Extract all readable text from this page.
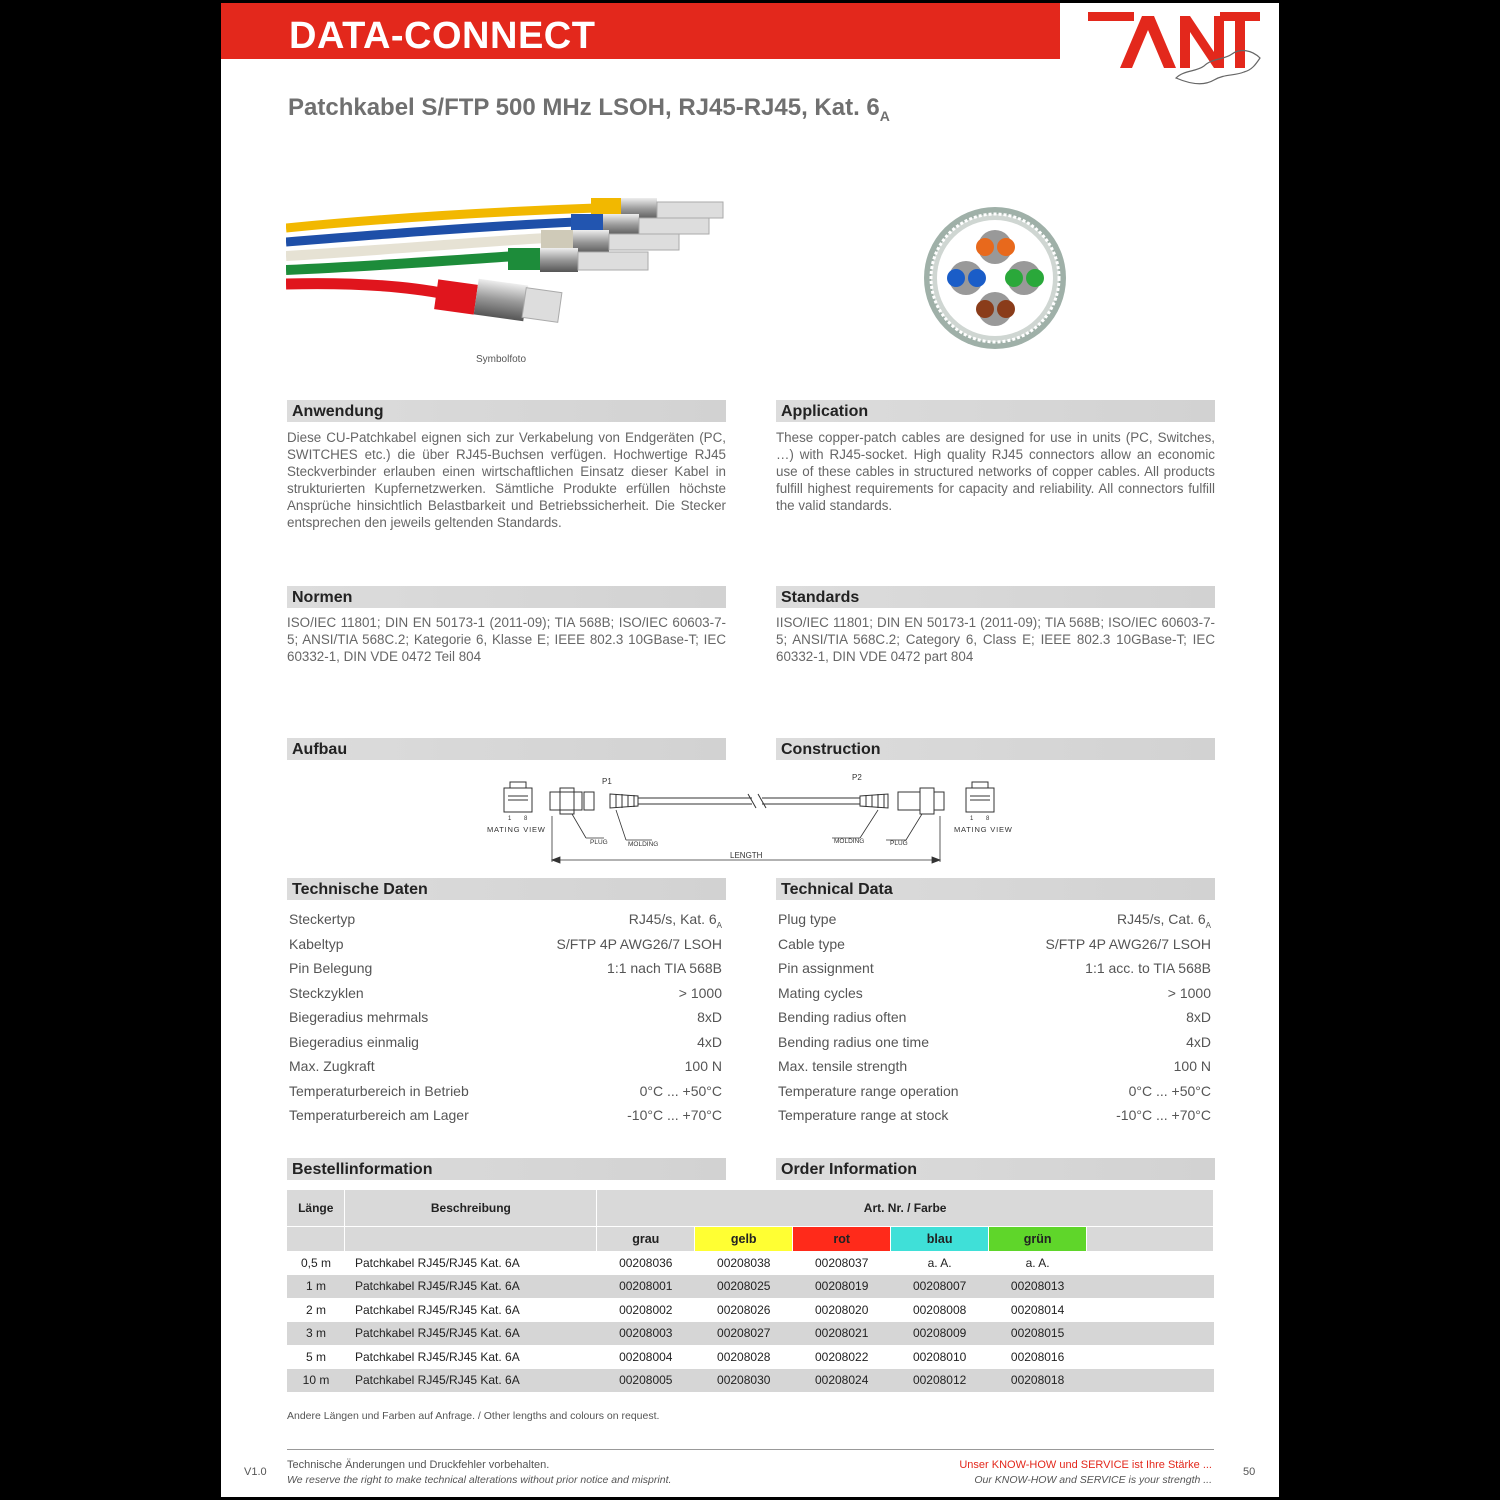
DATA-CONNECT
ANT
Patchkabel S/FTP 500 MHz LSOH, RJ45-RJ45, Kat. $6_A$
Symbolfoto
Anwendung	Application
Diese CU-Patchkabel eignen sich zur Verkabelung von Endgeräten (PC, SWITCHES etc.) die über RJ45-Buchsen verfügen. Hochwertige RJ45 Steckverbinder erlauben einen wirtschaftlichen Einsatz dieser Kabel in strukturierten Kupfernetzwerken. Sämtliche Produkte erfüllen höchste Ansprüche hinsichtlich Belastbarkeit und Betriebssicherheit. Die Stecker entsprechen den jeweils geltenden Standards.
These copper-patch cables are designed for use in units (PC, Switches, …) with RJ45-socket. High quality RJ45 connectors allow an economic use of these cables in structured networks of copper cables. All products fulfill highest requirements for capacity and reliability. All connectors fulfill the valid standards.
Normen	Standards
ISO/IEC 11801; DIN EN 50173-1 (2011-09); TIA 568B; ISO/IEC 60603-7-5; ANSI/TIA 568C.2; Kategorie 6, Klasse E; IEEE 802.3 10GBase-T; IEC 60332-1, DIN VDE 0472 Teil 804
IISO/IEC 11801; DIN EN 50173-1 (2011-09); TIA 568B; ISO/IEC 60603-7-5; ANSI/TIA 568C.2; Category 6, Class E; IEEE 802.3 10GBase-T; IEC 60332-1, DIN VDE 0472 part 804
Aufbau	Construction
1 8
MATING VIEW
P1	P2
1 8
MATING VIEW
PLUG	MOLDING	MOLDING	PLUG
LENGTH
Technische Daten	Technical Data
Steckertyp	RJ45/s, Kat. $6_A$
Kabeltyp	S/FTP 4P AWG26/7 LSOH
Pin Belegung	1:1 nach TIA 568B
Steckzyklen	> 1000
Biegeradius mehrmals	8xD
Biegeradius einmalig	4xD
Max. Zugkraft	100 N
Temperaturbereich in Betrieb	0°C ... +50°C
Temperaturbereich am Lager	-10°C ... +70°C
Plug type	RJ45/s, Cat. $6_A$
Cable type	S/FTP 4P AWG26/7 LSOH
Pin assignment	1:1 acc. to TIA 568B
Mating cycles	> 1000
Bending radius often	8xD
Bending radius one time	4xD
Max. tensile strength	100 N
Temperature range operation	0°C ... +50°C
Temperature range at stock	-10°C ... +70°C
Bestellinformation	Order Information
Länge	Beschreibung	Art. Nr. / Farbe					
		grau	gelb	rot	blau	grün	
0,5 m	Patchkabel RJ45/RJ45 Kat. 6A	00208036	00208038	00208037	a. A.	a. A.	
1 m	Patchkabel RJ45/RJ45 Kat. 6A	00208001	00208025	00208019	00208007	00208013	
2 m	Patchkabel RJ45/RJ45 Kat. 6A	00208002	00208026	00208020	00208008	00208014	
3 m	Patchkabel RJ45/RJ45 Kat. 6A	00208003	00208027	00208021	00208009	00208015	
5 m	Patchkabel RJ45/RJ45 Kat. 6A	00208004	00208028	00208022	00208010	00208016	
10 m	Patchkabel RJ45/RJ45 Kat. 6A	00208005	00208030	00208024	00208012	00208018	
Andere Längen und Farben auf Anfrage. / Other lengths and colours on request.
V1.0	50
Technische Änderungen und Druckfehler vorbehalten.
We reserve the right to make technical alterations without prior notice and misprint.
Unser KNOW-HOW und SERVICE ist Ihre Stärke ...
Our KNOW-HOW and SERVICE is your strength ...
